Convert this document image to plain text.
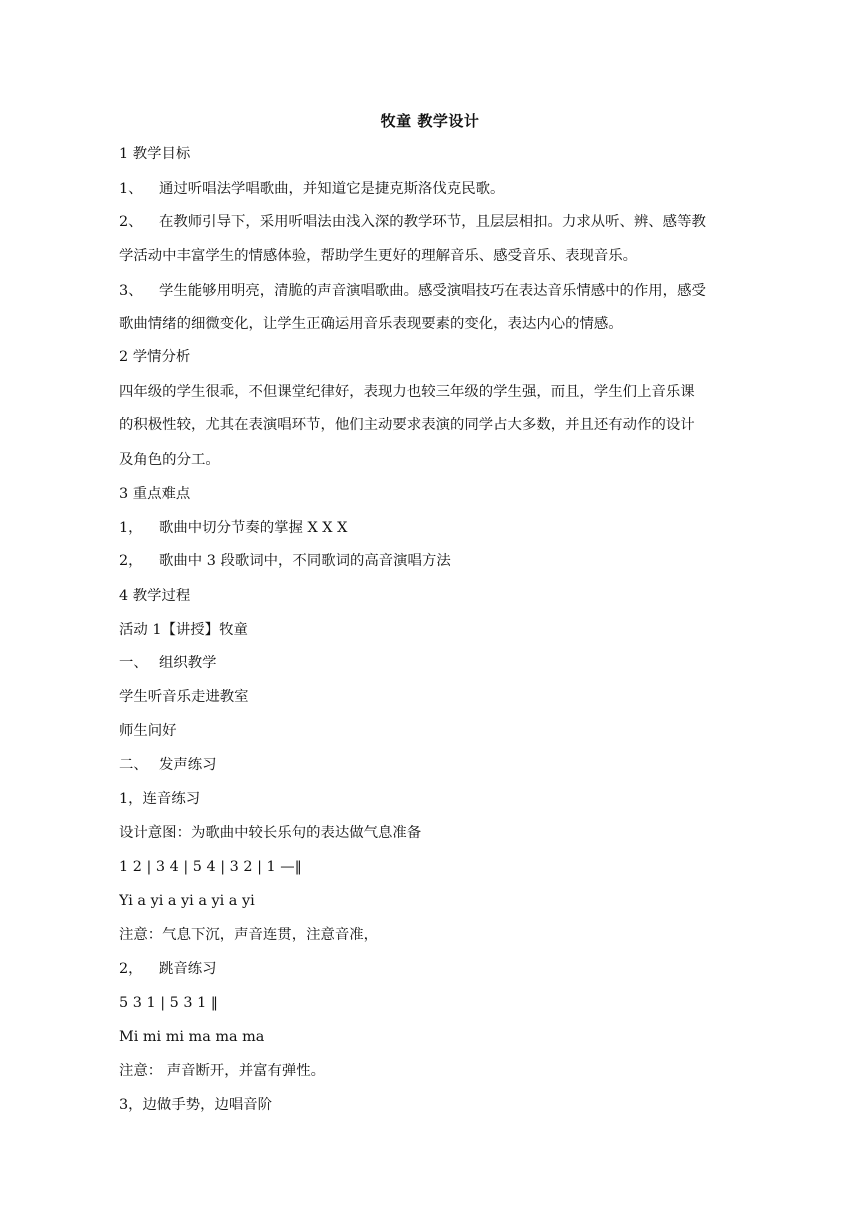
牧童 教学设计
1 教学目标
1、 通过听唱法学唱歌曲，并知道它是捷克斯洛伐克民歌。
2、 在教师引导下，采用听唱法由浅入深的教学环节，且层层相扣。力求从听、辨、感等教
学活动中丰富学生的情感体验，帮助学生更好的理解音乐、感受音乐、表现音乐。
3、 学生能够用明亮，清脆的声音演唱歌曲。感受演唱技巧在表达音乐情感中的作用，感受
歌曲情绪的细微变化，让学生正确运用音乐表现要素的变化，表达内心的情感。
2 学情分析
四年级的学生很乖，不但课堂纪律好，表现力也较三年级的学生强，而且，学生们上音乐课
的积极性较，尤其在表演唱环节，他们主动要求表演的同学占大多数，并且还有动作的设计
及角色的分工。
3 重点难点
1， 歌曲中切分节奏的掌握 X X X
2， 歌曲中 3 段歌词中，不同歌词的高音演唱方法
4 教学过程
活动 1【讲授】牧童
一、 组织教学
学生听音乐走进教室
师生问好
二、 发声练习
1，连音练习
设计意图：为歌曲中较长乐句的表达做气息准备
1 2 | 3 4 | 5 4 | 3 2 | 1 —‖
Yi a yi a yi a yi a yi
注意：气息下沉，声音连贯，注意音准，
2， 跳音练习
5 3 1 | 5 3 1 ‖
Mi mi mi ma ma ma
注意： 声音断开，并富有弹性。
3，边做手势，边唱音阶
